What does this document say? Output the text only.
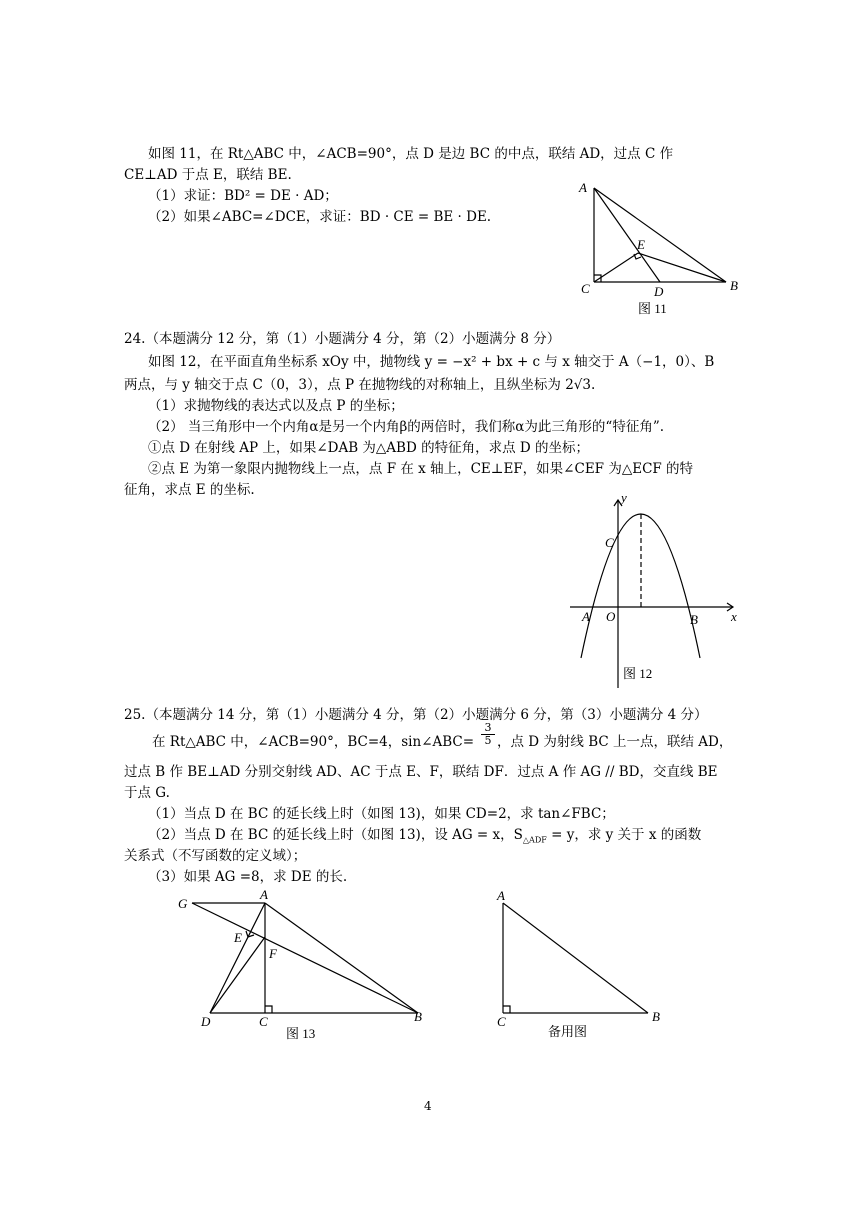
如图 11，在 Rt△ABC 中，∠ACB=90°，点 D 是边 BC 的中点，联结 AD，过点 C 作
CE⊥AD 于点 E，联结 BE.
（1）求证：BD² = DE · AD；
（2）如果∠ABC=∠DCE，求证：BD · CE = BE · DE.
A
E
C	D	B
图 11
24.（本题满分 12 分，第（1）小题满分 4 分，第（2）小题满分 8 分）
如图 12，在平面直角坐标系 xOy 中，抛物线 y = −x² + bx + c 与 x 轴交于 A（−1，0）、B
两点，与 y 轴交于点 C（0，3），点 P 在抛物线的对称轴上，且纵坐标为 2√3.
（1）求抛物线的表达式以及点 P 的坐标；
（2） 当三角形中一个内角α是另一个内角β的两倍时，我们称α为此三角形的“特征角”.
①点 D 在射线 AP 上，如果∠DAB 为△ABD 的特征角，求点 D 的坐标；
②点 E 为第一象限内抛物线上一点，点 F 在 x 轴上，CE⊥EF，如果∠CEF 为△ECF 的特
征角，求点 E 的坐标.	y
C
A O	B	x
图 12
25.（本题满分 14 分，第（1）小题满分 4 分，第（2）小题满分 6 分，第（3）小题满分 4 分）
在 Rt△ABC 中，∠ACB=90°，BC=4，sin∠ABC= $\frac{3}{5}$ ，点 D 为射线 BC 上一点，联结 AD，
过点 B 作 BE⊥AD 分别交射线 AD、AC 于点 E、F，联结 DF．过点 A 作 AG // BD，交直线 BE
于点 G.
（1）当点 D 在 BC 的延长线上时（如图 13)，如果 CD=2，求 tan∠FBC；
（2）当点 D 在 BC 的延长线上时（如图 13)，设 AG = x，$S_{\triangle ADF} = y$，求 y 关于 x 的函数
关系式（不写函数的定义域）；
（3）如果 AG =8，求 DE 的长.
G
A
E
F
D	C	B
图 13
A
C	B
备用图
4
